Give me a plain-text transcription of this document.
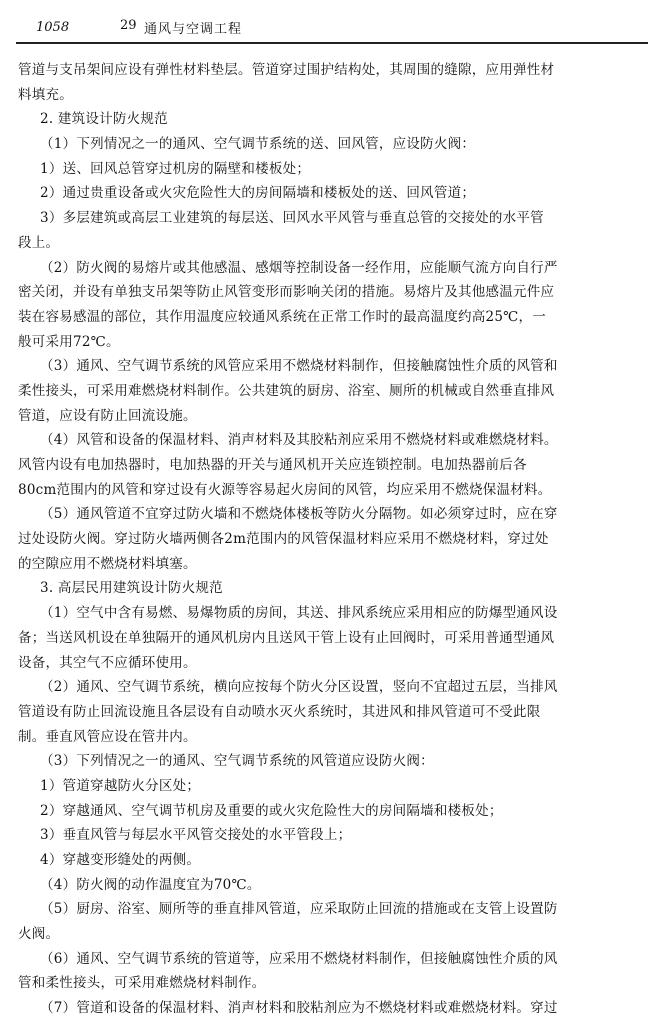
1058	29 通风与空调工程
管道与支吊架间应设有弹性材料垫层。管道穿过围护结构处，其周围的缝隙，应用弹性材
料填充。
2. 建筑设计防火规范
（1）下列情况之一的通风、空气调节系统的送、回风管，应设防火阀：
1）送、回风总管穿过机房的隔壁和楼板处；
2）通过贵重设备或火灾危险性大的房间隔墙和楼板处的送、回风管道；
3）多层建筑或高层工业建筑的每层送、回风水平风管与垂直总管的交接处的水平管
段上。
（2）防火阀的易熔片或其他感温、感烟等控制设备一经作用，应能顺气流方向自行严
密关闭，并设有单独支吊架等防止风管变形而影响关闭的措施。易熔片及其他感温元件应
装在容易感温的部位，其作用温度应较通风系统在正常工作时的最高温度约高25℃，一
般可采用72℃。
（3）通风、空气调节系统的风管应采用不燃烧材料制作，但接触腐蚀性介质的风管和
柔性接头，可采用难燃烧材料制作。公共建筑的厨房、浴室、厕所的机械或自然垂直排风
管道，应设有防止回流设施。
（4）风管和设备的保温材料、消声材料及其胶粘剂应采用不燃烧材料或难燃烧材料。
风管内设有电加热器时，电加热器的开关与通风机开关应连锁控制。电加热器前后各
80cm范围内的风管和穿过设有火源等容易起火房间的风管，均应采用不燃烧保温材料。
（5）通风管道不宜穿过防火墙和不燃烧体楼板等防火分隔物。如必须穿过时，应在穿
过处设防火阀。穿过防火墙两侧各2m范围内的风管保温材料应采用不燃烧材料，穿过处
的空隙应用不燃烧材料填塞。
3. 高层民用建筑设计防火规范
（1）空气中含有易燃、易爆物质的房间，其送、排风系统应采用相应的防爆型通风设
备；当送风机设在单独隔开的通风机房内且送风干管上设有止回阀时，可采用普通型通风
设备，其空气不应循环使用。
（2）通风、空气调节系统，横向应按每个防火分区设置，竖向不宜超过五层，当排风
管道设有防止回流设施且各层设有自动喷水灭火系统时，其进风和排风管道可不受此限
制。垂直风管应设在管井内。
（3）下列情况之一的通风、空气调节系统的风管道应设防火阀：
1）管道穿越防火分区处；
2）穿越通风、空气调节机房及重要的或火灾危险性大的房间隔墙和楼板处；
3）垂直风管与每层水平风管交接处的水平管段上；
4）穿越变形缝处的两侧。
（4）防火阀的动作温度宜为70℃。
（5）厨房、浴室、厕所等的垂直排风管道，应采取防止回流的措施或在支管上设置防
火阀。
（6）通风、空气调节系统的管道等，应采用不燃烧材料制作，但接触腐蚀性介质的风
管和柔性接头，可采用难燃烧材料制作。
（7）管道和设备的保温材料、消声材料和胶粘剂应为不燃烧材料或难燃烧材料。穿过
